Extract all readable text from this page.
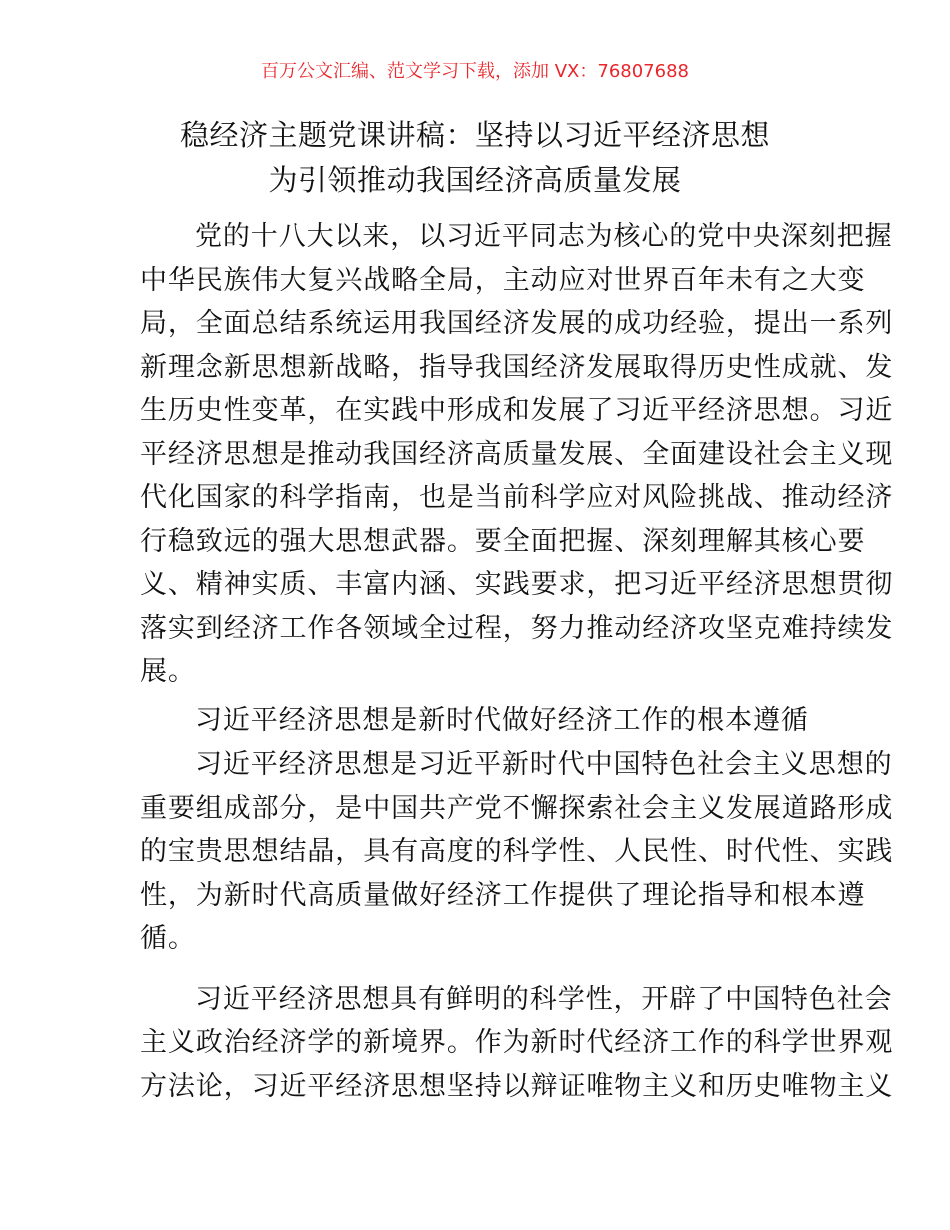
百万公文汇编、范文学习下载，添加 VX：76807688
稳经济主题党课讲稿：坚持以习近平经济思想
为引领推动我国经济高质量发展
党的十八大以来，以习近平同志为核心的党中央深刻把握
中华民族伟大复兴战略全局，主动应对世界百年未有之大变
局，全面总结系统运用我国经济发展的成功经验，提出一系列
新理念新思想新战略，指导我国经济发展取得历史性成就、发
生历史性变革，在实践中形成和发展了习近平经济思想。习近
平经济思想是推动我国经济高质量发展、全面建设社会主义现
代化国家的科学指南，也是当前科学应对风险挑战、推动经济
行稳致远的强大思想武器。要全面把握、深刻理解其核心要
义、精神实质、丰富内涵、实践要求，把习近平经济思想贯彻
落实到经济工作各领域全过程，努力推动经济攻坚克难持续发
展。
习近平经济思想是新时代做好经济工作的根本遵循
习近平经济思想是习近平新时代中国特色社会主义思想的
重要组成部分，是中国共产党不懈探索社会主义发展道路形成
的宝贵思想结晶，具有高度的科学性、人民性、时代性、实践
性，为新时代高质量做好经济工作提供了理论指导和根本遵
循。
习近平经济思想具有鲜明的科学性，开辟了中国特色社会
主义政治经济学的新境界。作为新时代经济工作的科学世界观
方法论，习近平经济思想坚持以辩证唯物主义和历史唯物主义
